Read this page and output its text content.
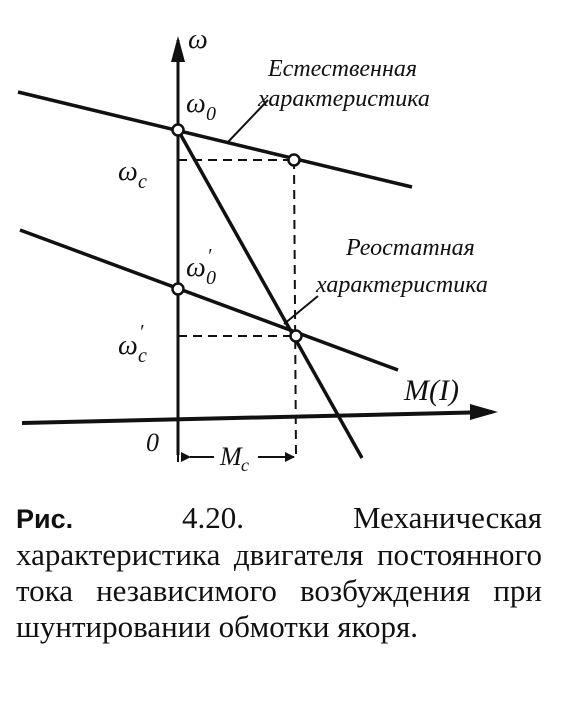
ω
ω 0
ω c
ω 0
′
ω c
′
0
M(I)
M c
Естественная
характеристика
Реостатная
характеристика

Рис.	4.20. Механическая характеристика двигателя постоянного тока независимого возбуждения при шунтировании обмотки якоря.
